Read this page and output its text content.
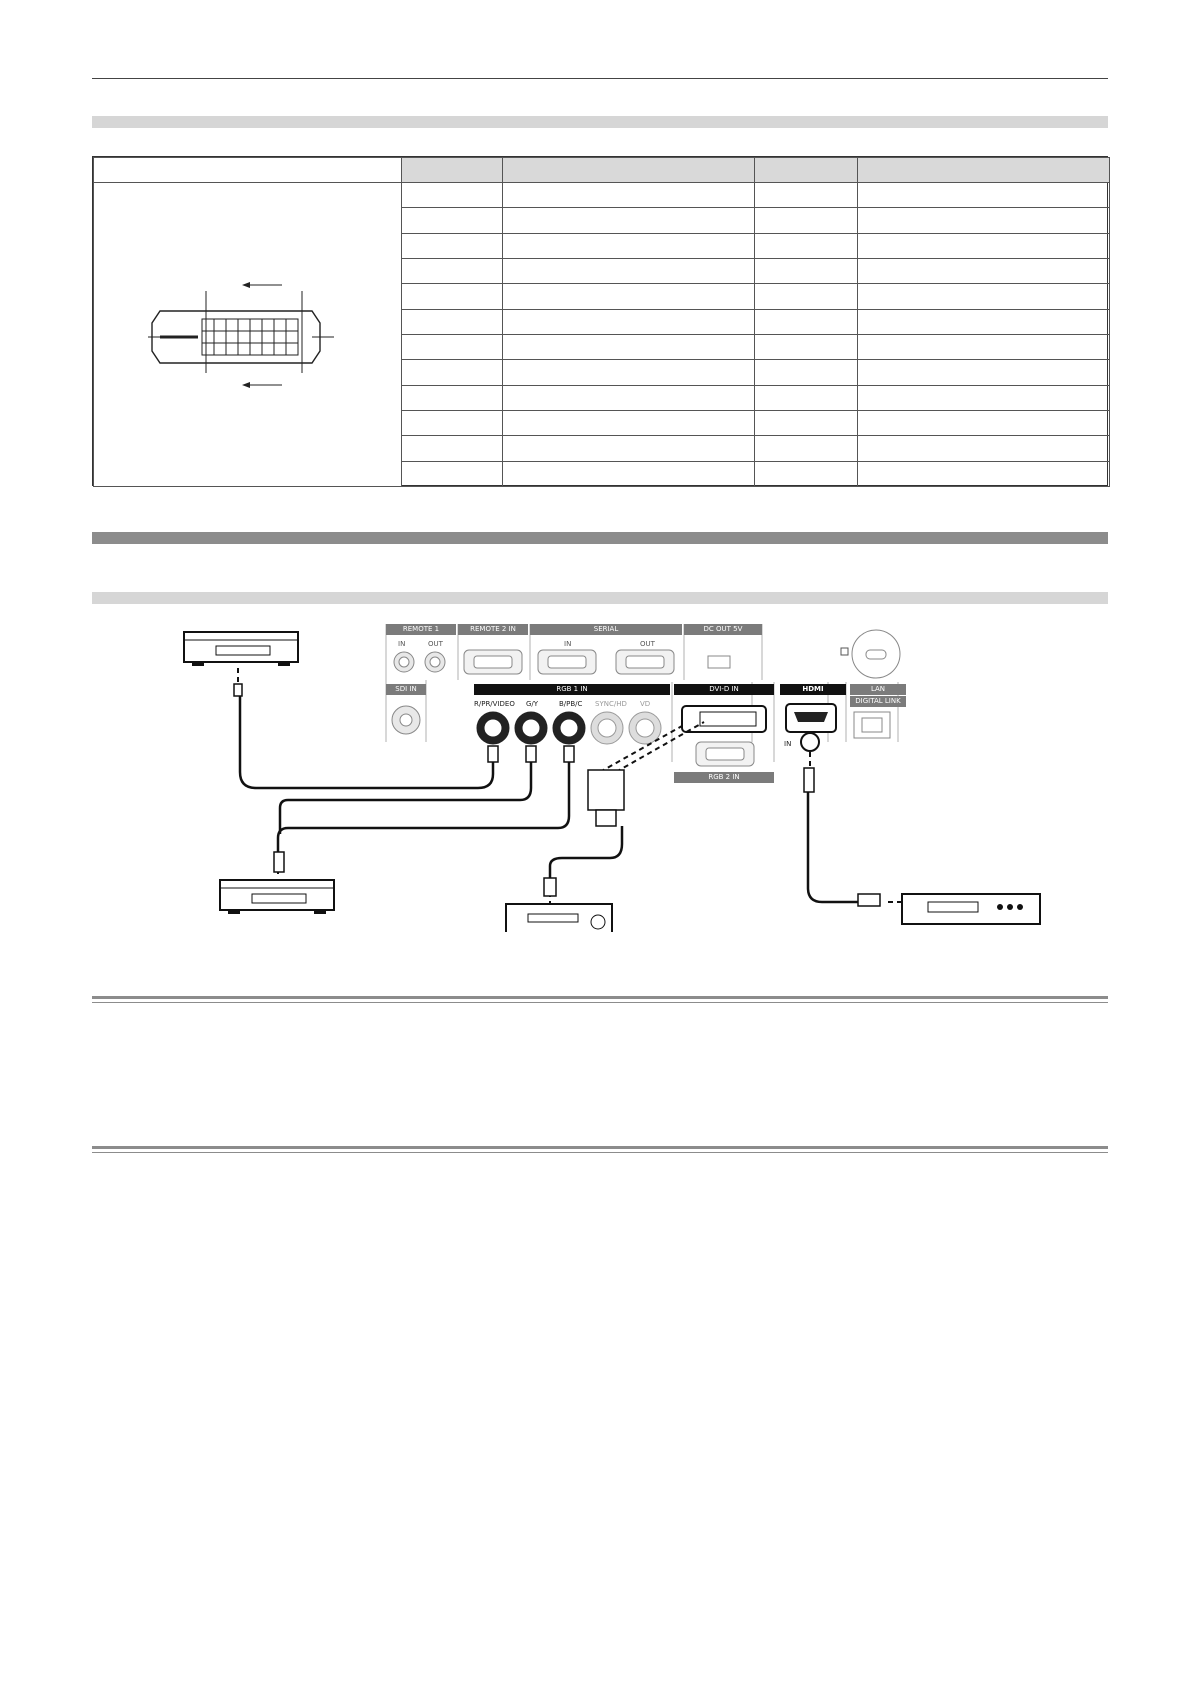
REMOTE 1
IN	OUT
REMOTE 2 IN	SERIAL
IN	OUT
DC OUT 5V
SDI IN	RGB 1 IN
R/PR/VIDEO G/Y	B/PB/C SYNC/HD VD
DVI-D IN
RGB 2 IN
HDMI
IN
LAN
DIGITAL LINK
